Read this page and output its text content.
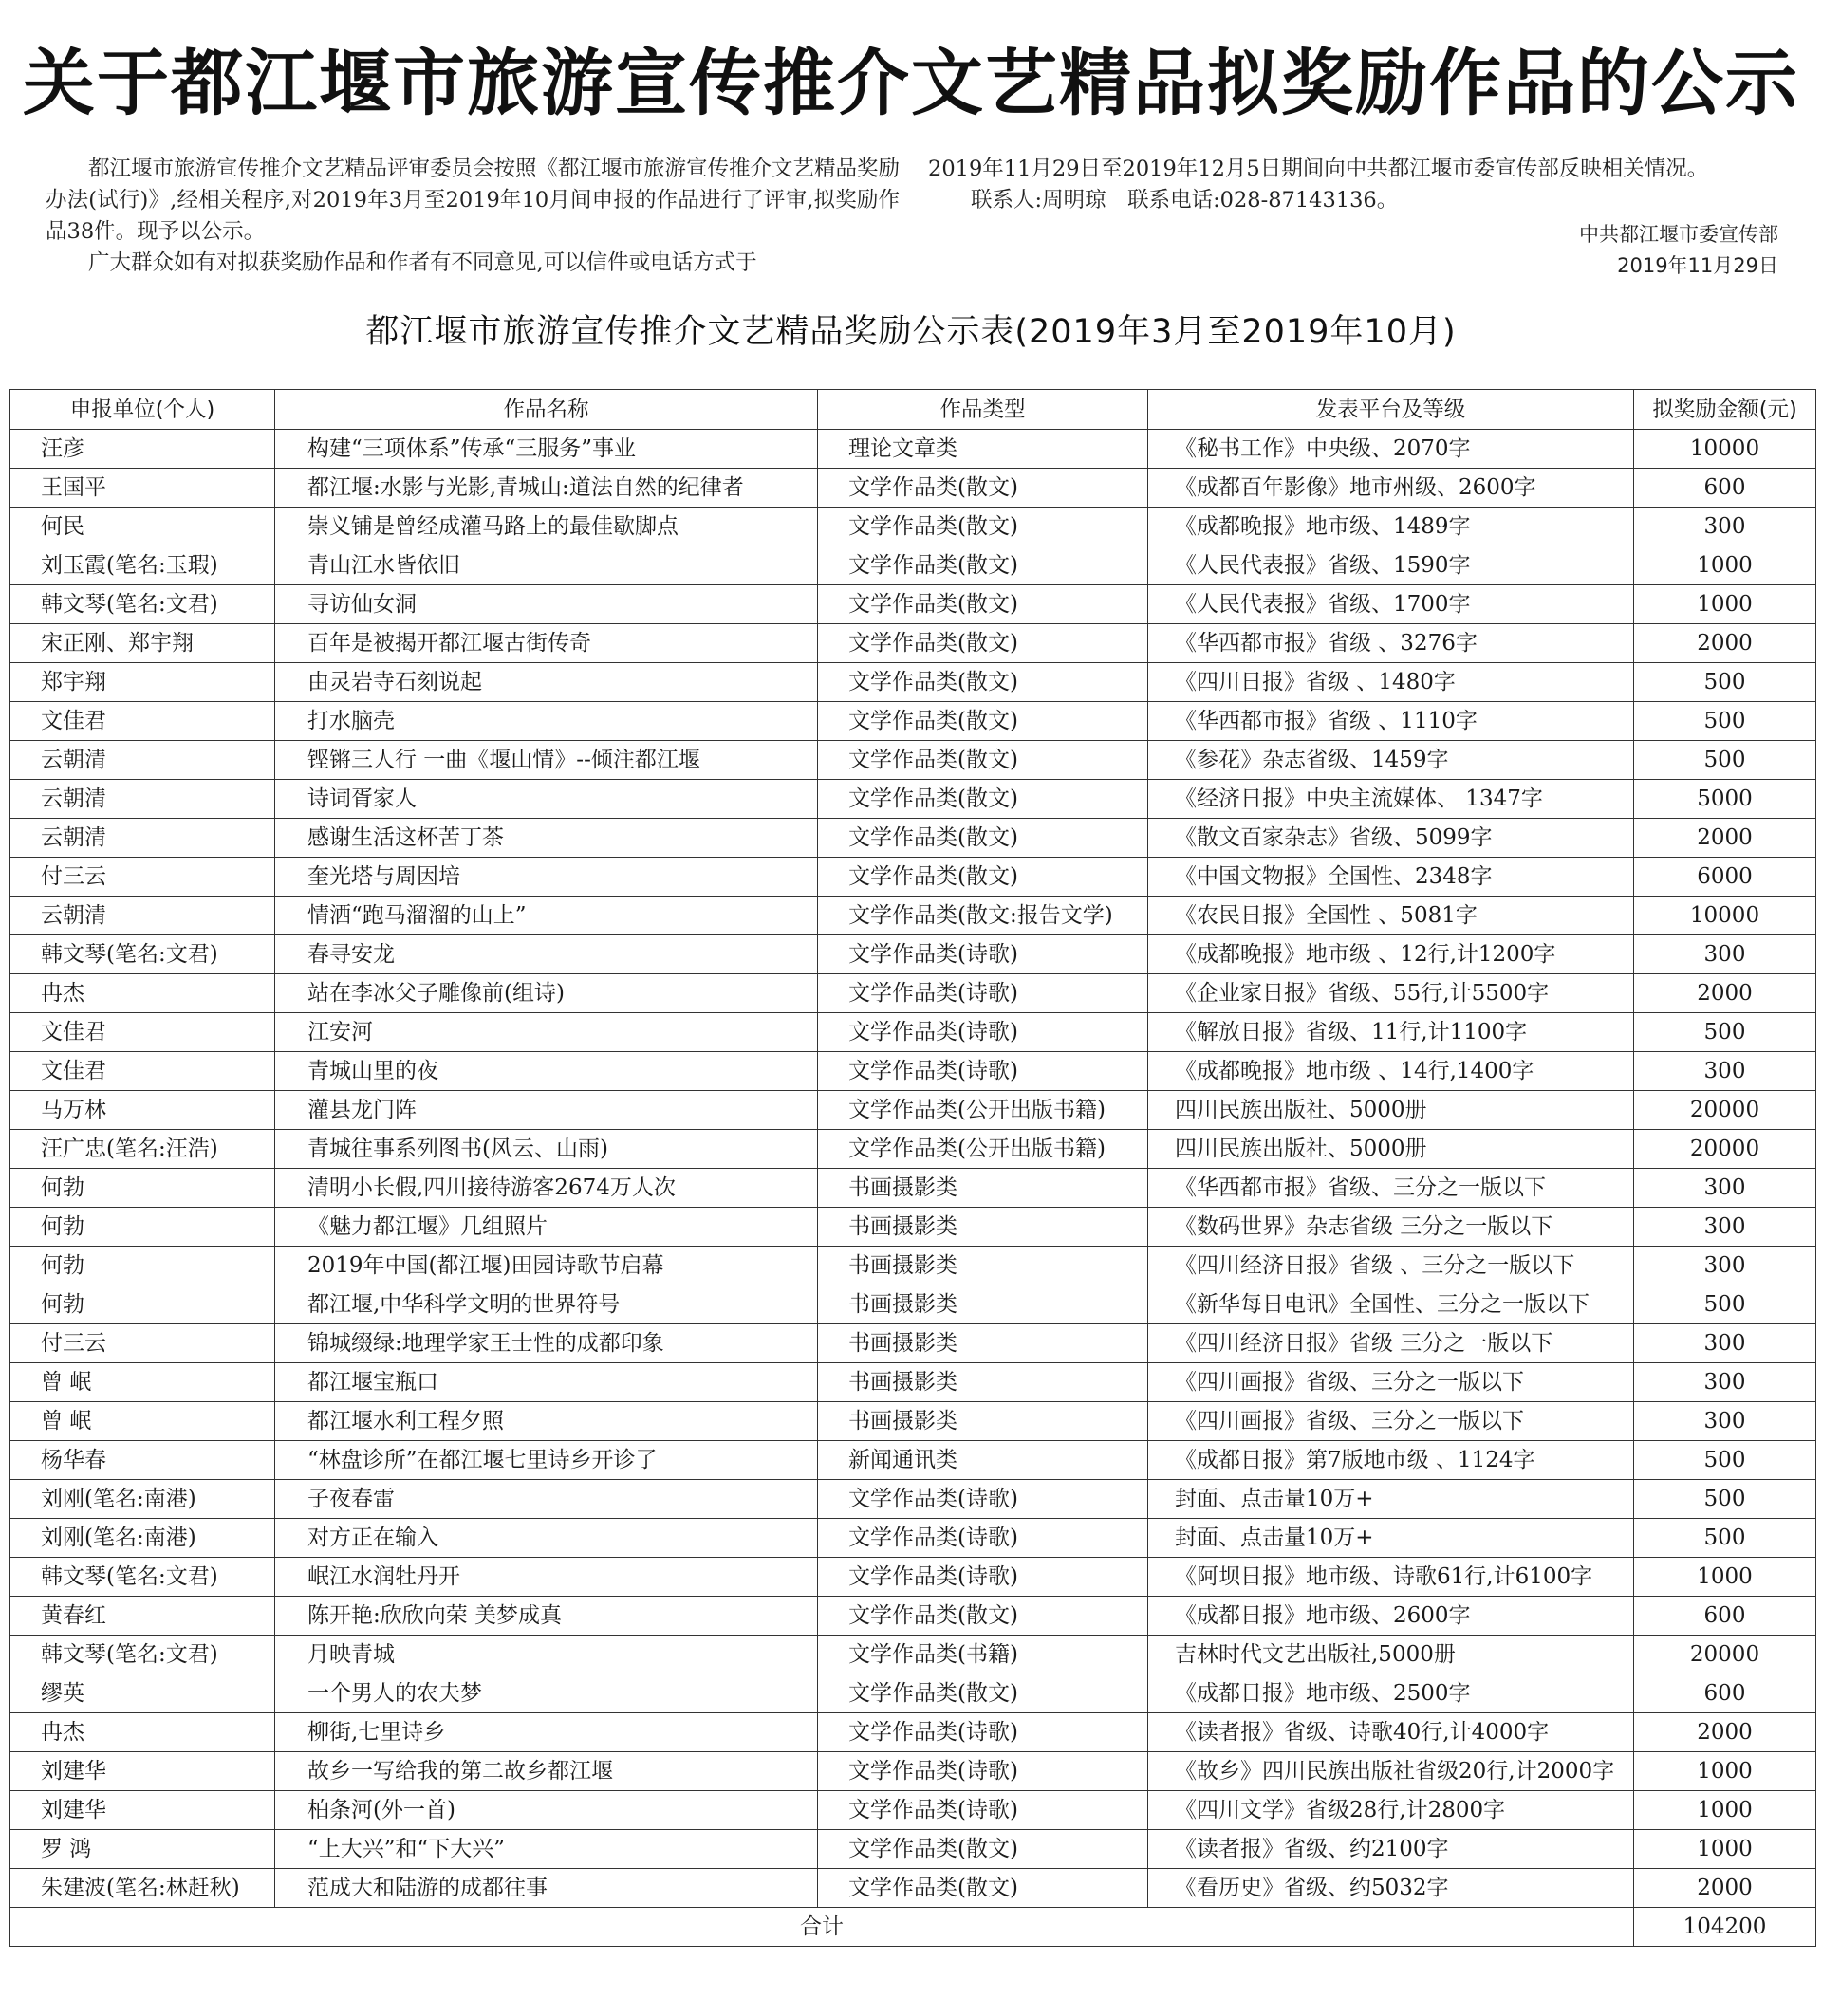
关于都江堰市旅游宣传推介文艺精品拟奖励作品的公示

都江堰市旅游宣传推介文艺精品评审委员会按照《都江堰市旅游宣传推介文艺精品奖励办法(试行)》,经相关程序,对2019年3月至2019年10月间申报的作品进行了评审,拟奖励作品38件。现予以公示。

广大群众如有对拟获奖励作品和作者有不同意见,可以信件或电话方式于

2019年11月29日至2019年12月5日期间向中共都江堰市委宣传部反映相关情况。

联系人:周明琼　联系电话:028-87143136。

中共都江堰市委宣传部
2019年11月29日
都江堰市旅游宣传推介文艺精品奖励公示表(2019年3月至2019年10月)
申报单位(个人)	作品名称	作品类型	发表平台及等级	拟奖励金额(元)
汪彦	构建“三项体系”传承“三服务”事业	理论文章类	《秘书工作》中央级、2070字	10000
王国平	都江堰:水影与光影,青城山:道法自然的纪律者	文学作品类(散文)	《成都百年影像》地市州级、2600字	600
何民	崇义铺是曾经成灌马路上的最佳歇脚点	文学作品类(散文)	《成都晚报》地市级、1489字	300
刘玉霞(笔名:玉瑕)	青山江水皆依旧	文学作品类(散文)	《人民代表报》省级、1590字	1000
韩文琴(笔名:文君)	寻访仙女洞	文学作品类(散文)	《人民代表报》省级、1700字	1000
宋正刚、郑宇翔	百年是被揭开都江堰古街传奇	文学作品类(散文)	《华西都市报》省级 、3276字	2000
郑宇翔	由灵岩寺石刻说起	文学作品类(散文)	《四川日报》省级 、1480字	500
文佳君	打水脑壳	文学作品类(散文)	《华西都市报》省级 、1110字	500
云朝清	铿锵三人行 一曲《堰山情》--倾注都江堰	文学作品类(散文)	《参花》杂志省级、1459字	500
云朝清	诗词胥家人	文学作品类(散文)	《经济日报》中央主流媒体、 1347字	5000
云朝清	感谢生活这杯苦丁茶	文学作品类(散文)	《散文百家杂志》省级、5099字	2000
付三云	奎光塔与周因培	文学作品类(散文)	《中国文物报》全国性、2348字	6000
云朝清	情洒“跑马溜溜的山上”	文学作品类(散文:报告文学)	《农民日报》全国性 、5081字	10000
韩文琴(笔名:文君)	春寻安龙	文学作品类(诗歌)	《成都晚报》地市级 、12行,计1200字	300
冉杰	站在李冰父子雕像前(组诗)	文学作品类(诗歌)	《企业家日报》省级、55行,计5500字	2000
文佳君	江安河	文学作品类(诗歌)	《解放日报》省级、11行,计1100字	500
文佳君	青城山里的夜	文学作品类(诗歌)	《成都晚报》地市级 、14行,1400字	300
马万林	灌县龙门阵	文学作品类(公开出版书籍)	四川民族出版社、5000册	20000
汪广忠(笔名:汪浩)	青城往事系列图书(风云、山雨)	文学作品类(公开出版书籍)	四川民族出版社、5000册	20000
何勃	清明小长假,四川接待游客2674万人次	书画摄影类	《华西都市报》省级、三分之一版以下	300
何勃	《魅力都江堰》几组照片	书画摄影类	《数码世界》杂志省级 三分之一版以下	300
何勃	2019年中国(都江堰)田园诗歌节启幕	书画摄影类	《四川经济日报》省级 、三分之一版以下	300
何勃	都江堰,中华科学文明的世界符号	书画摄影类	《新华每日电讯》全国性、三分之一版以下	500
付三云	锦城缀绿:地理学家王士性的成都印象	书画摄影类	《四川经济日报》省级 三分之一版以下	300
曾 岷	都江堰宝瓶口	书画摄影类	《四川画报》省级、三分之一版以下	300
曾 岷	都江堰水利工程夕照	书画摄影类	《四川画报》省级、三分之一版以下	300
杨华春	“林盘诊所”在都江堰七里诗乡开诊了	新闻通讯类	《成都日报》第7版地市级 、1124字	500
刘刚(笔名:南港)	子夜春雷	文学作品类(诗歌)	封面、点击量10万+	500
刘刚(笔名:南港)	对方正在输入	文学作品类(诗歌)	封面、点击量10万+	500
韩文琴(笔名:文君)	岷江水润牡丹开	文学作品类(诗歌)	《阿坝日报》地市级、诗歌61行,计6100字	1000
黄春红	陈开艳:欣欣向荣 美梦成真	文学作品类(散文)	《成都日报》地市级、2600字	600
韩文琴(笔名:文君)	月映青城	文学作品类(书籍)	吉林时代文艺出版社,5000册	20000
缪英	一个男人的农夫梦	文学作品类(散文)	《成都日报》地市级、2500字	600
冉杰	柳街,七里诗乡	文学作品类(诗歌)	《读者报》省级、诗歌40行,计4000字	2000
刘建华	故乡一写给我的第二故乡都江堰	文学作品类(诗歌)	《故乡》四川民族出版社省级20行,计2000字	1000
刘建华	柏条河(外一首)	文学作品类(诗歌)	《四川文学》省级28行,计2800字	1000
罗 鸿	“上大兴”和“下大兴”	文学作品类(散文)	《读者报》省级、约2100字	1000
朱建波(笔名:林赶秋)	范成大和陆游的成都往事	文学作品类(散文)	《看历史》省级、约5032字	2000
合计				104200
